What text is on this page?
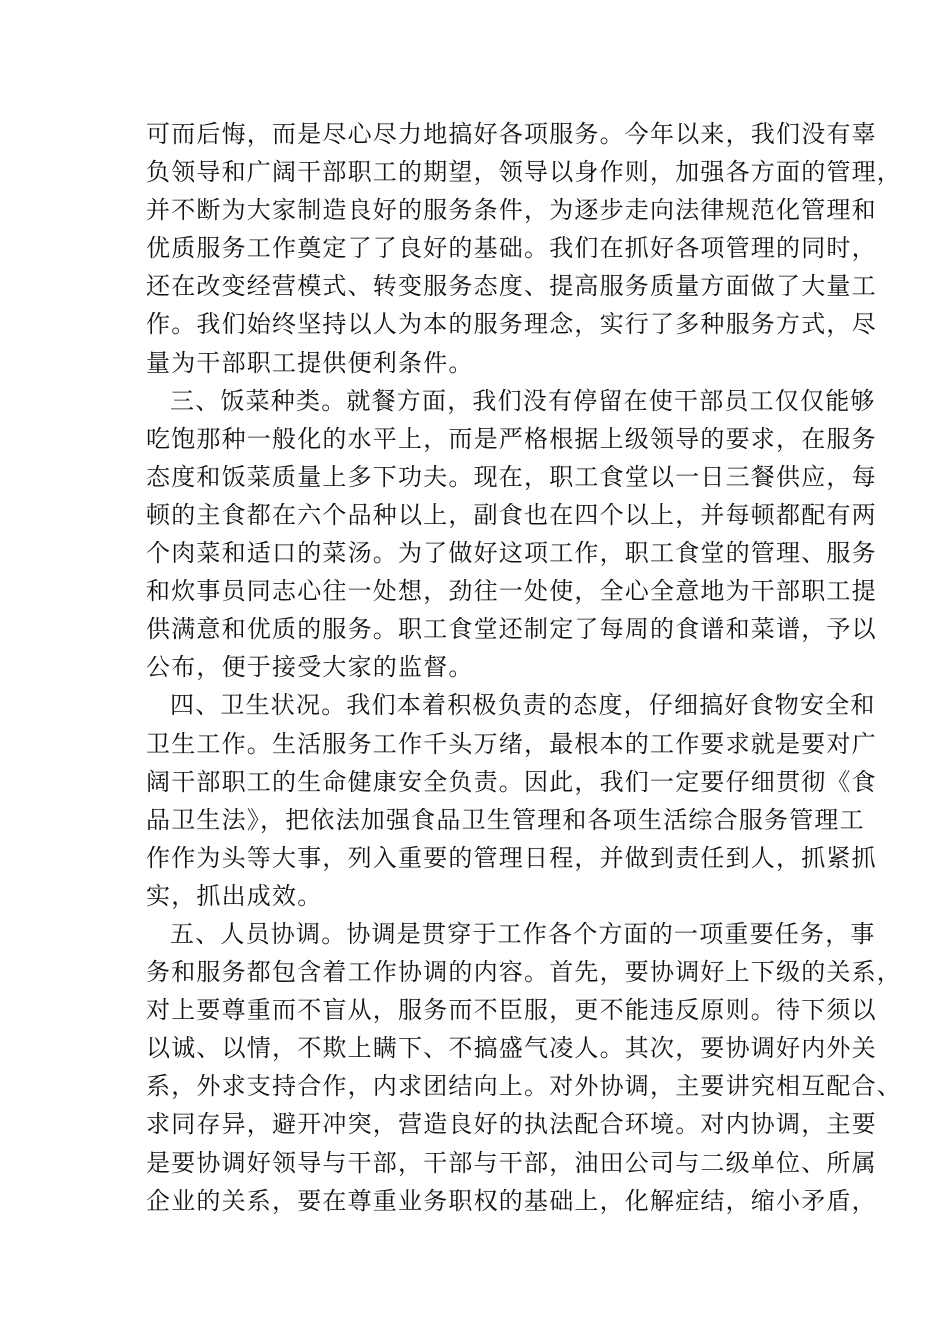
可而后悔，而是尽心尽力地搞好各项服务。今年以来，我们没有辜
负领导和广阔干部职工的期望，领导以身作则，加强各方面的管理，
并不断为大家制造良好的服务条件，为逐步走向法律规范化管理和
优质服务工作奠定了了良好的基础。我们在抓好各项管理的同时，
还在改变经营模式、转变服务态度、提高服务质量方面做了大量工
作。我们始终坚持以人为本的服务理念，实行了多种服务方式，尽
量为干部职工提供便利条件。
三、饭菜种类。就餐方面，我们没有停留在使干部员工仅仅能够
吃饱那种一般化的水平上，而是严格根据上级领导的要求，在服务
态度和饭菜质量上多下功夫。现在，职工食堂以一日三餐供应，每
顿的主食都在六个品种以上，副食也在四个以上，并每顿都配有两
个肉菜和适口的菜汤。为了做好这项工作，职工食堂的管理、服务
和炊事员同志心往一处想，劲往一处使，全心全意地为干部职工提
供满意和优质的服务。职工食堂还制定了每周的食谱和菜谱，予以
公布，便于接受大家的监督。
四、卫生状况。我们本着积极负责的态度，仔细搞好食物安全和
卫生工作。生活服务工作千头万绪，最根本的工作要求就是要对广
阔干部职工的生命健康安全负责。因此，我们一定要仔细贯彻《食
品卫生法》，把依法加强食品卫生管理和各项生活综合服务管理工
作作为头等大事，列入重要的管理日程，并做到责任到人，抓紧抓
实，抓出成效。
五、人员协调。协调是贯穿于工作各个方面的一项重要任务，事
务和服务都包含着工作协调的内容。首先，要协调好上下级的关系，
对上要尊重而不盲从，服务而不臣服，更不能违反原则。待下须以
以诚、以情，不欺上瞒下、不搞盛气凌人。其次，要协调好内外关
系，外求支持合作，内求团结向上。对外协调，主要讲究相互配合、
求同存异，避开冲突，营造良好的执法配合环境。对内协调，主要
是要协调好领导与干部，干部与干部，油田公司与二级单位、所属
企业的关系，要在尊重业务职权的基础上，化解症结，缩小矛盾，
